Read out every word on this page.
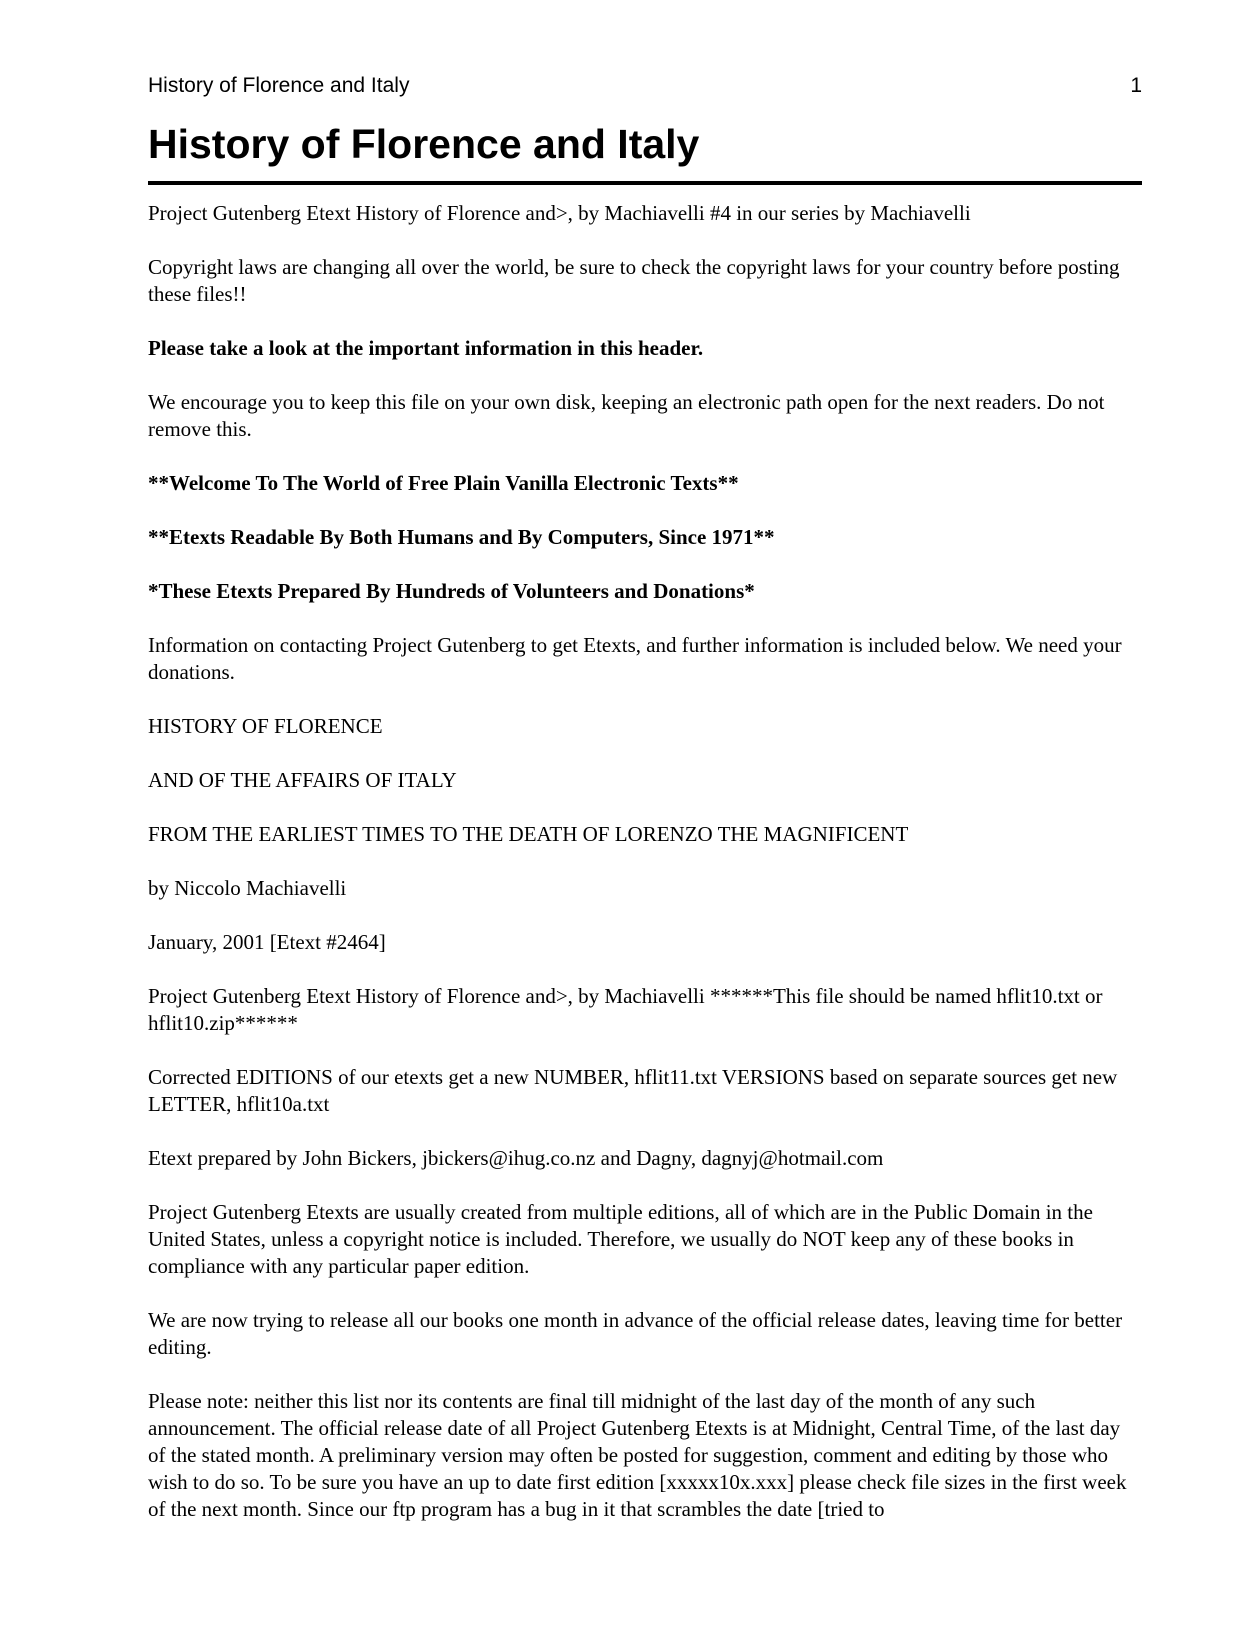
History of Florence and Italy	1
History of Florence and Italy

Project Gutenberg Etext History of Florence and>, by Machiavelli #4 in our series by Machiavelli

Copyright laws are changing all over the world, be sure to check the copyright laws for your country before posting these files!!

Please take a look at the important information in this header.

We encourage you to keep this file on your own disk, keeping an electronic path open for the next readers. Do not remove this.

**Welcome To The World of Free Plain Vanilla Electronic Texts**

**Etexts Readable By Both Humans and By Computers, Since 1971**

*These Etexts Prepared By Hundreds of Volunteers and Donations*

Information on contacting Project Gutenberg to get Etexts, and further information is included below. We need your donations.

HISTORY OF FLORENCE

AND OF THE AFFAIRS OF ITALY

FROM THE EARLIEST TIMES TO THE DEATH OF LORENZO THE MAGNIFICENT

by Niccolo Machiavelli

January, 2001 [Etext #2464]

Project Gutenberg Etext History of Florence and>, by Machiavelli ******This file should be named hflit10.txt or hflit10.zip******

Corrected EDITIONS of our etexts get a new NUMBER, hflit11.txt VERSIONS based on separate sources get new LETTER, hflit10a.txt

Etext prepared by John Bickers, jbickers@ihug.co.nz and Dagny, dagnyj@hotmail.com

Project Gutenberg Etexts are usually created from multiple editions, all of which are in the Public Domain in the United States, unless a copyright notice is included. Therefore, we usually do NOT keep any of these books in compliance with any particular paper edition.

We are now trying to release all our books one month in advance of the official release dates, leaving time for better editing.

Please note: neither this list nor its contents are final till midnight of the last day of the month of any such announcement. The official release date of all Project Gutenberg Etexts is at Midnight, Central Time, of the last day of the stated month. A preliminary version may often be posted for suggestion, comment and editing by those who wish to do so. To be sure you have an up to date first edition [xxxxx10x.xxx] please check file sizes in the first week of the next month. Since our ftp program has a bug in it that scrambles the date [tried to
